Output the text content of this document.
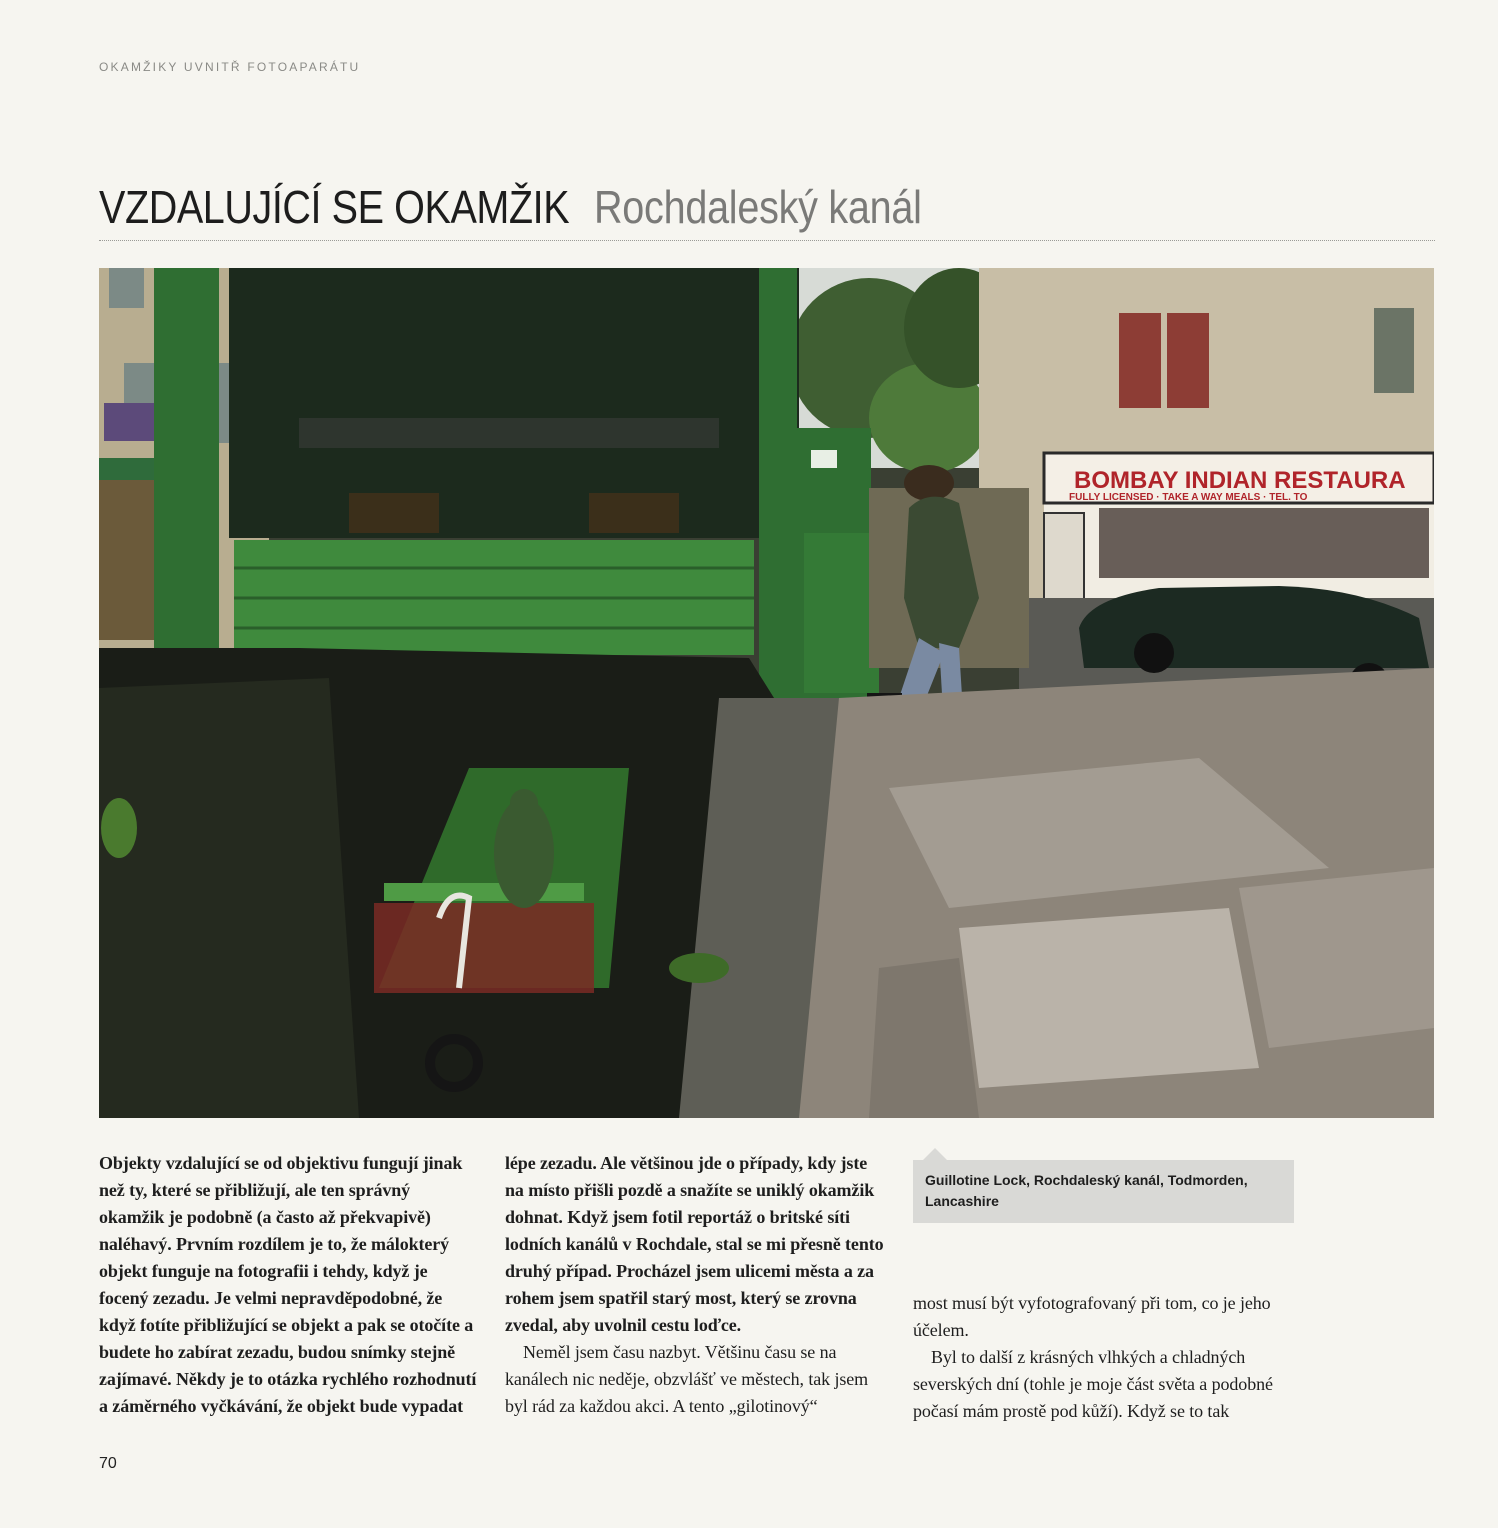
OKAMŽIKY UVNITŘ FOTOAPARÁTU
VZDALUJÍCÍ SE OKAMŽIK Rochdaleský kanál
BOMBAY INDIAN RESTAURA
FULLY LICENSED · TAKE A WAY MEALS · TEL. TO

Objekty vzdalující se od objektivu fungují jinak než ty, které se přibližují, ale ten správný okamžik je podobně (a často až překvapivě) naléhavý. Prvním rozdílem je to, že málokterý objekt funguje na fotografii i tehdy, když je focený zezadu. Je velmi nepravděpodobné, že když fotíte přibližující se objekt a pak se otočíte a budete ho zabírat zezadu, budou snímky stejně zajímavé. Někdy je to otázka rychlého rozhodnutí a záměrného vyčkávání, že objekt bude vypadat

lépe zezadu. Ale většinou jde o případy, kdy jste na místo přišli pozdě a snažíte se uniklý okamžik dohnat. Když jsem fotil reportáž o britské síti lodních kanálů v Rochdale, stal se mi přesně tento druhý případ. Procházel jsem ulicemi města a za rohem jsem spatřil starý most, který se zrovna zvedal, aby uvolnil cestu loďce.

Neměl jsem času nazbyt. Většinu času se na kanálech nic neděje, obzvlášť ve městech, tak jsem byl rád za každou akci. A tento „gilotinový“

Guillotine Lock, Rochdaleský kanál, Todmorden, Lancashire

most musí být vyfotografovaný při tom, co je jeho účelem.

Byl to další z krásných vlhkých a chladných severských dní (tohle je moje část světa a podobné počasí mám prostě pod kůží). Když se to tak

70
